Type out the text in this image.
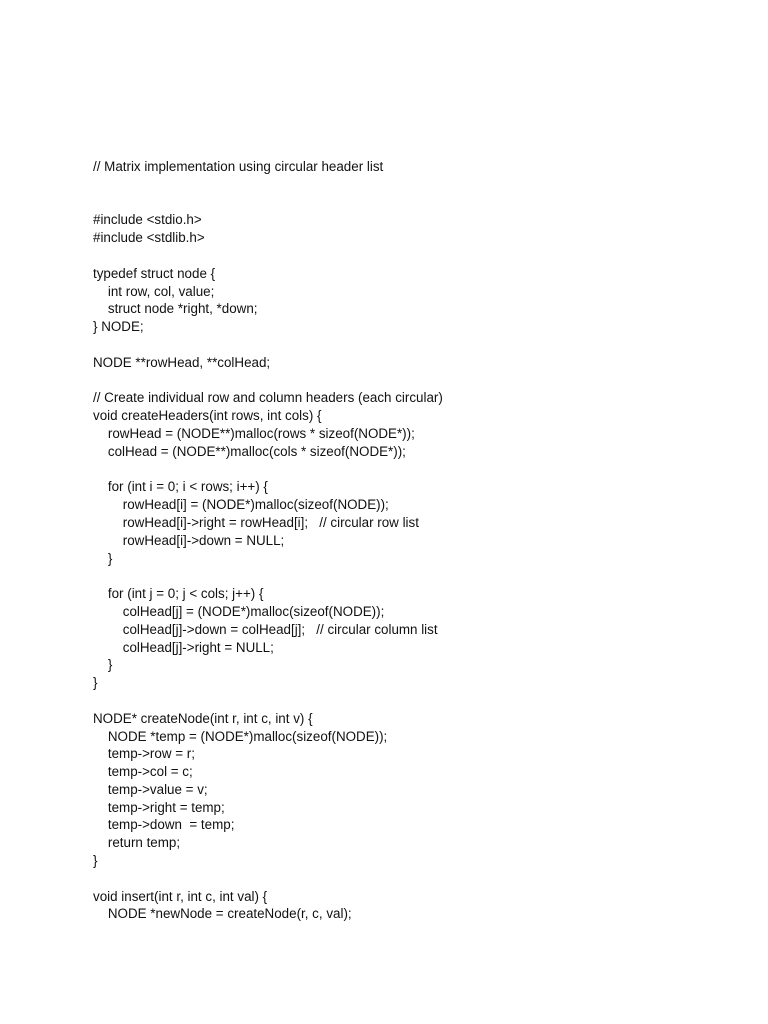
// Matrix implementation using circular header list
#include <stdio.h>
#include <stdlib.h>
typedef struct node {
int row, col, value;
struct node *right, *down;
} NODE;
NODE **rowHead, **colHead;
// Create individual row and column headers (each circular)
void createHeaders(int rows, int cols) {
rowHead = (NODE**)malloc(rows * sizeof(NODE*));
colHead = (NODE**)malloc(cols * sizeof(NODE*));
for (int i = 0; i < rows; i++) {
rowHead[i] = (NODE*)malloc(sizeof(NODE));
rowHead[i]->right = rowHead[i];   // circular row list
rowHead[i]->down = NULL;
}
for (int j = 0; j < cols; j++) {
colHead[j] = (NODE*)malloc(sizeof(NODE));
colHead[j]->down = colHead[j];   // circular column list
colHead[j]->right = NULL;
}
}
NODE* createNode(int r, int c, int v) {
NODE *temp = (NODE*)malloc(sizeof(NODE));
temp->row = r;
temp->col = c;
temp->value = v;
temp->right = temp;
temp->down  = temp;
return temp;
}
void insert(int r, int c, int val) {
NODE *newNode = createNode(r, c, val);
